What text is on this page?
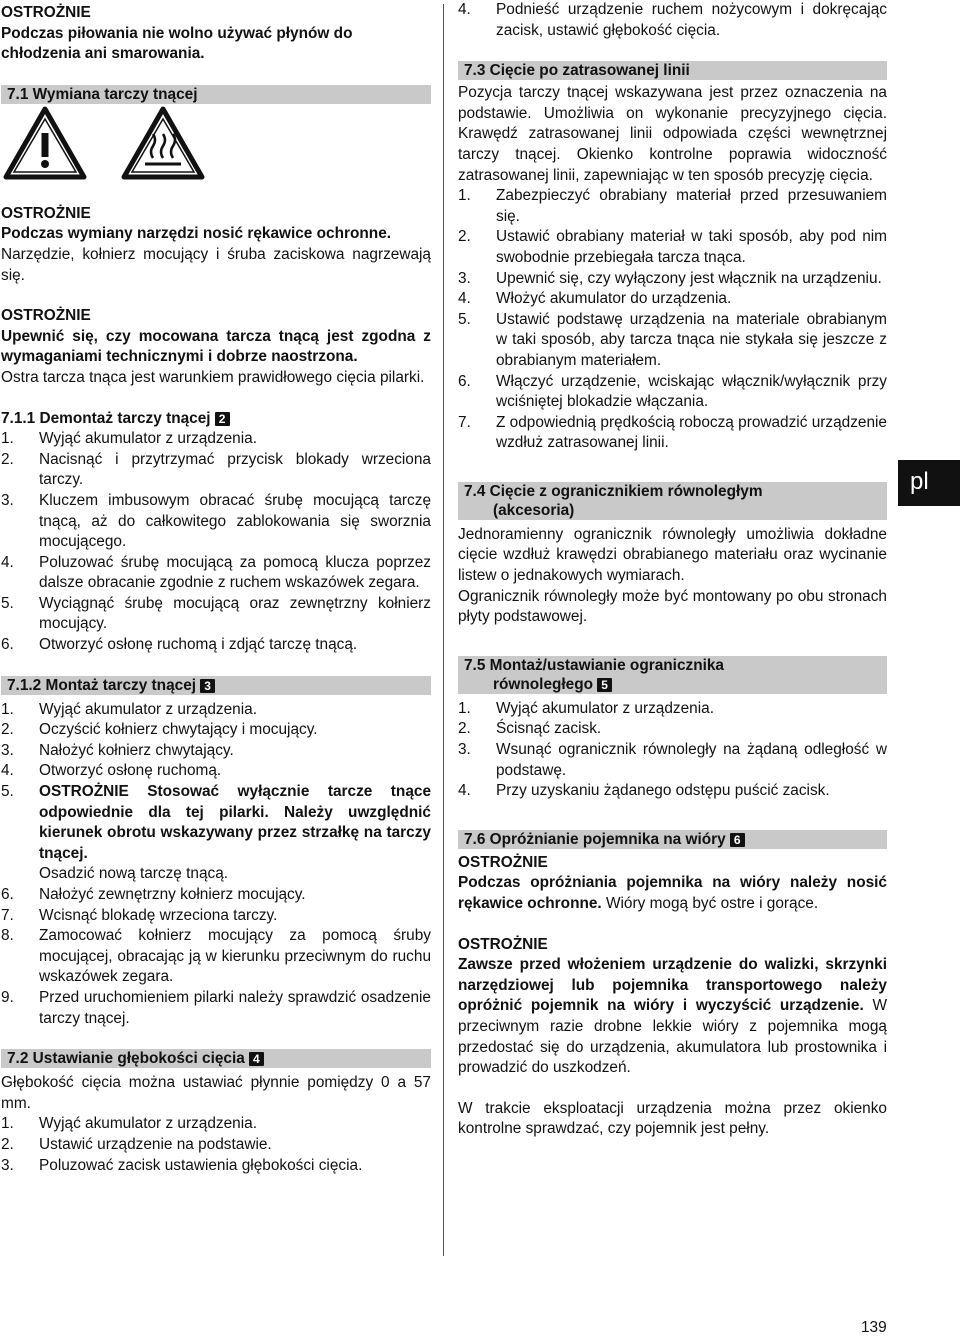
OSTROŻNIE

Podczas piłowania nie wolno używać płynów do chłodzenia ani smarowania.

7.1 Wymiana tarczy tnącej

OSTROŻNIE

Podczas wymiany narzędzi nosić rękawice ochronne.

Narzędzie, kołnierz mocujący i śruba zaciskowa nagrzewają się.

OSTROŻNIE

Upewnić się, czy mocowana tarcza tnącą jest zgodna z wymaganiami technicznymi i dobrze naostrzona.

Ostra tarcza tnąca jest warunkiem prawidłowego cięcia pilarki.

7.1.1 Demontaż tarczy tnącej 2

1.	Wyjąć akumulator z urządzenia.
2.	Nacisnąć i przytrzymać przycisk blokady wrzeciona tarczy.
3.	Kluczem imbusowym obracać śrubę mocującą tarczę tnącą, aż do całkowitego zablokowania się sworznia mocującego.
4.	Poluzować śrubę mocującą za pomocą klucza poprzez dalsze obracanie zgodnie z ruchem wskazówek zegara.
5.	Wyciągnąć śrubę mocującą oraz zewnętrzny kołnierz mocujący.
6.	Otworzyć osłonę ruchomą i zdjąć tarczę tnącą.
7.1.2 Montaż tarczy tnącej 3
1.	Wyjąć akumulator z urządzenia.
2.	Oczyścić kołnierz chwytający i mocujący.
3.	Nałożyć kołnierz chwytający.
4.	Otworzyć osłonę ruchomą.
5.	OSTROŻNIE Stosować wyłącznie tarcze tnące odpowiednie dla tej pilarki. Należy uwzględnić kierunek obrotu wskazywany przez strzałkę na tarczy tnącej.
Osadzić nową tarczę tnącą.
6.	Nałożyć zewnętrzny kołnierz mocujący.
7.	Wcisnąć blokadę wrzeciona tarczy.
8.	Zamocować kołnierz mocujący za pomocą śruby mocującej, obracając ją w kierunku przeciwnym do ruchu wskazówek zegara.
9.	Przed uruchomieniem pilarki należy sprawdzić osadzenie tarczy tnącej.
7.2 Ustawianie głębokości cięcia 4

Głębokość cięcia można ustawiać płynnie pomiędzy 0 a 57 mm.

1.	Wyjąć akumulator z urządzenia.
2.	Ustawić urządzenie na podstawie.
3.	Poluzować zacisk ustawienia głębokości cięcia.
4.	Podnieść urządzenie ruchem nożycowym i dokręcając zacisk, ustawić głębokość cięcia.
7.3 Cięcie po zatrasowanej linii

Pozycja tarczy tnącej wskazywana jest przez oznaczenia na podstawie. Umożliwia on wykonanie precyzyjnego cięcia. Krawędź zatrasowanej linii odpowiada części wewnętrznej tarczy tnącej. Okienko kontrolne poprawia widoczność zatrasowanej linii, zapewniając w ten sposób precyzję cięcia.

1.	Zabezpieczyć obrabiany materiał przed przesuwaniem się.
2.	Ustawić obrabiany materiał w taki sposób, aby pod nim swobodnie przebiegała tarcza tnąca.
3.	Upewnić się, czy wyłączony jest włącznik na urządzeniu.
4.	Włożyć akumulator do urządzenia.
5.	Ustawić podstawę urządzenia na materiale obrabianym w taki sposób, aby tarcza tnąca nie stykała się jeszcze z obrabianym materiałem.
6.	Włączyć urządzenie, wciskając włącznik/wyłącznik przy wciśniętej blokadzie włączania.
7.	Z odpowiednią prędkością roboczą prowadzić urządzenie wzdłuż zatrasowanej linii.
7.4 Cięcie z ogranicznikiem równoległym
(akcesoria)

Jednoramienny ogranicznik równoległy umożliwia dokładne cięcie wzdłuż krawędzi obrabianego materiału oraz wycinanie listew o jednakowych wymiarach.

Ogranicznik równoległy może być montowany po obu stronach płyty podstawowej.

7.5 Montaż/ustawianie ogranicznika
równoległego 5
1.	Wyjąć akumulator z urządzenia.
2.	Ścisnąć zacisk.
3.	Wsunąć ogranicznik równoległy na żądaną odległość w podstawę.
4.	Przy uzyskaniu żądanego odstępu puścić zacisk.
7.6 Opróżnianie pojemnika na wióry 6

OSTROŻNIE

Podczas opróżniania pojemnika na wióry należy nosić rękawice ochronne. Wióry mogą być ostre i gorące.

OSTROŻNIE

Zawsze przed włożeniem urządzenie do walizki, skrzynki narzędziowej lub pojemnika transportowego należy opróżnić pojemnik na wióry i wyczyścić urządzenie. W przeciwnym razie drobne lekkie wióry z pojemnika mogą przedostać się do urządzenia, akumulatora lub prostownika i prowadzić do uszkodzeń.

W trakcie eksploatacji urządzenia można przez okienko kontrolne sprawdzać, czy pojemnik jest pełny.

pl
139
